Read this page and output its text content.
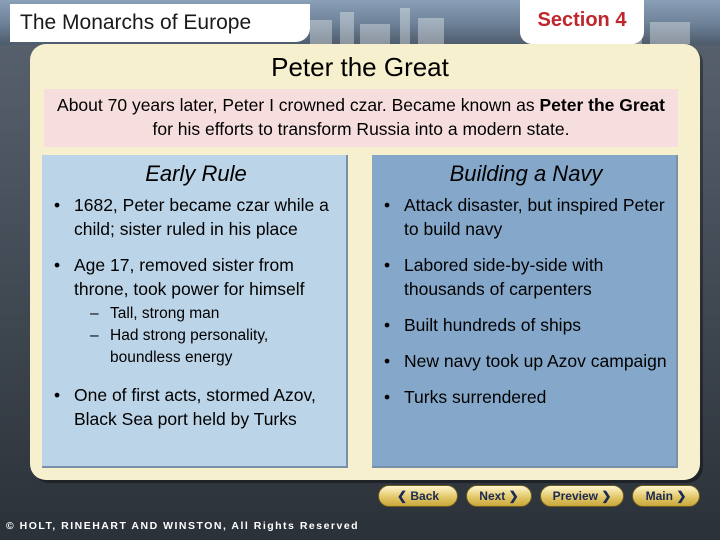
The Monarchs of Europe	Section 4
Peter the Great
About 70 years later, Peter I crowned czar. Became known as Peter the Great for his efforts to transform Russia into a modern state.
Early Rule
• 1682, Peter became czar while a child; sister ruled in his place
• Age 17, removed sister from throne, took power for himself
– Tall, strong man
– Had strong personality, boundless energy
• One of first acts, stormed Azov, Black Sea port held by Turks
Building a Navy
• Attack disaster, but inspired Peter to build navy
• Labored side-by-side with thousands of carpenters
• Built hundreds of ships
• New navy took up Azov campaign
• Turks surrendered
❮ Back	Next ❯	Preview ❯	Main ❯
© HOLT, RINEHART AND WINSTON, All Rights Reserved
